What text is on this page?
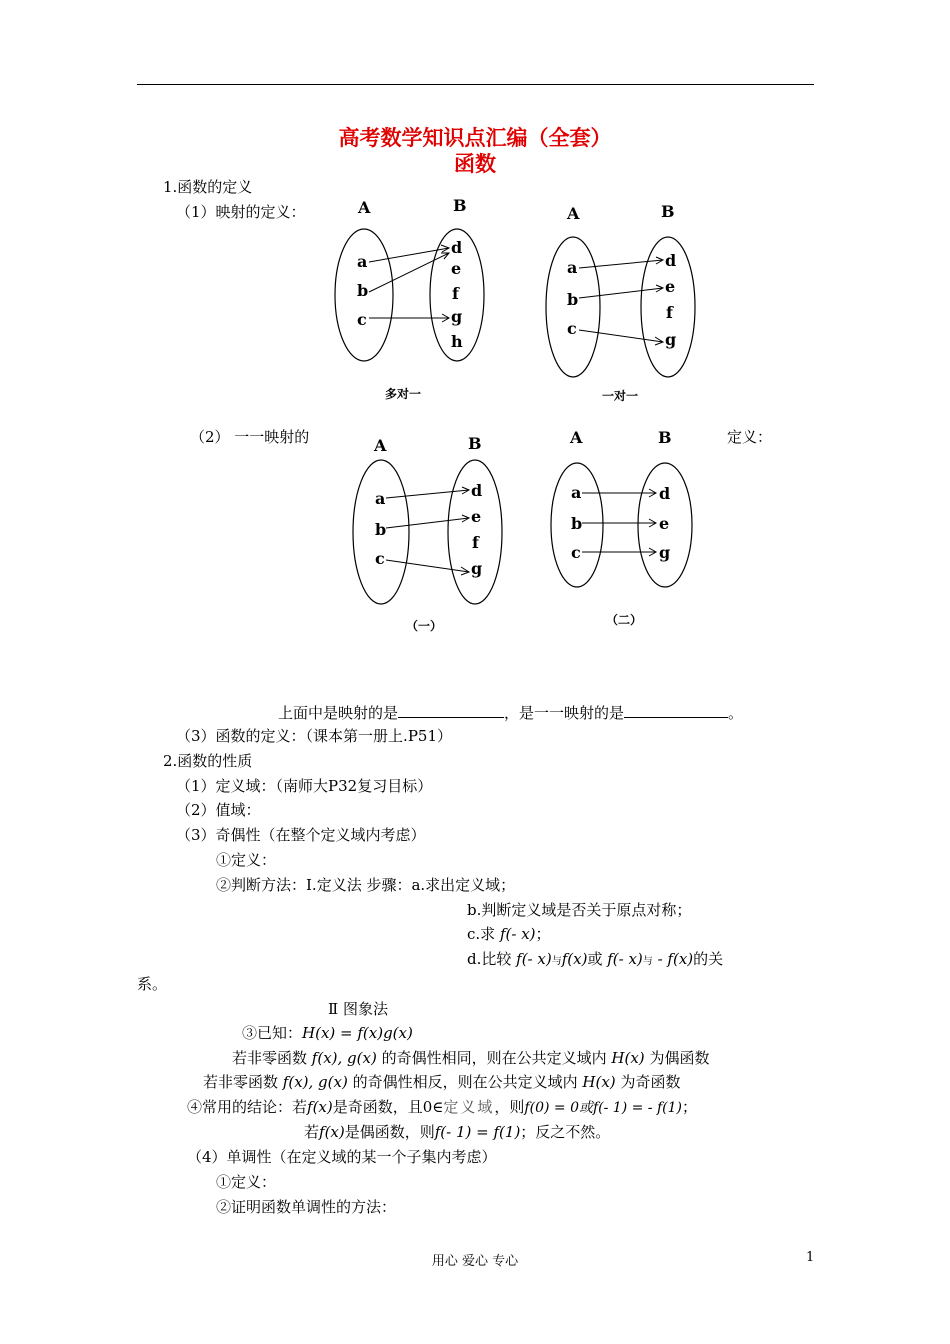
高考数学知识点汇编（全套）
函数
1.函数的定义
（1）映射的定义：	A	B
a
b
c
d
e
f
g
h
多对一
A	B
a
b
c
d
e
f
g
一对一
（2） 一一映射的	定义：
A	B
a
b
c
d
e
f
g
（一）
A	B
a
b
c
d
e
g
（二）
上面中是映射的是	，是一一映射的是	。
（3）函数的定义：（课本第一册上.P51）
2.函数的性质
（1）定义域：（南师大P32复习目标）
（2）值域：
（3）奇偶性（在整个定义域内考虑）
①定义：
②判断方法：Ⅰ.定义法 步骤：a.求出定义域；
b.判断定义域是否关于原点对称；
c.求 f(- x)；
d.比较 f(- x)与f(x)或 f(- x)与 - f(x)的关
系。
Ⅱ 图象法
③已知：H(x) = f(x)g(x)
若非零函数 f(x), g(x) 的奇偶性相同，则在公共定义域内 H(x) 为偶函数
若非零函数 f(x), g(x) 的奇偶性相反，则在公共定义域内 H(x) 为奇函数
④常用的结论：若f(x)是奇函数，且0∈定义域，则f(0) = 0或f(- 1) = - f(1)；
若f(x)是偶函数，则f(- 1) = f(1)；反之不然。
（4）单调性（在定义域的某一个子集内考虑）
①定义：
②证明函数单调性的方法：
用心 爱心 专心	1
